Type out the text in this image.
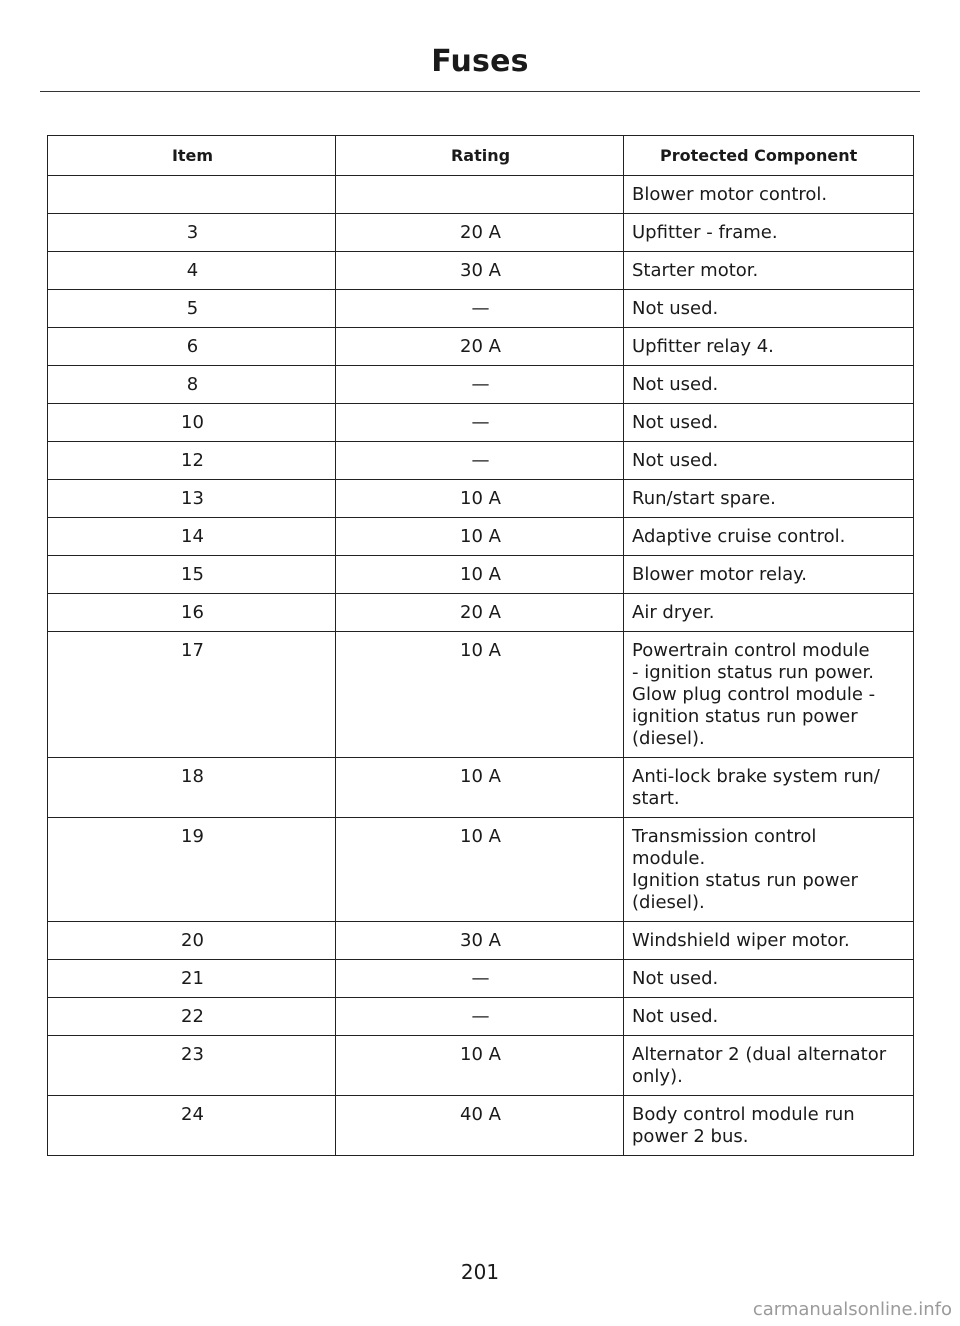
Fuses
Item	Rating	Protected Component
		Blower motor control.
3	20 A	Upfitter - frame.
4	30 A	Starter motor.
5	—	Not used.
6	20 A	Upfitter relay 4.
8	—	Not used.
10	—	Not used.
12	—	Not used.
13	10 A	Run/start spare.
14	10 A	Adaptive cruise control.
15	10 A	Blower motor relay.
16	20 A	Air dryer.
17	10 A	Powertrain control module
- ignition status run power.
Glow plug control module -
ignition status run power
(diesel).
18	10 A	Anti-lock brake system run/
start.
19	10 A	Transmission control
module.
Ignition status run power
(diesel).
20	30 A	Windshield wiper motor.
21	—	Not used.
22	—	Not used.
23	10 A	Alternator 2 (dual alternator
only).
24	40 A	Body control module run
power 2 bus.
201
carmanualsonline.info
